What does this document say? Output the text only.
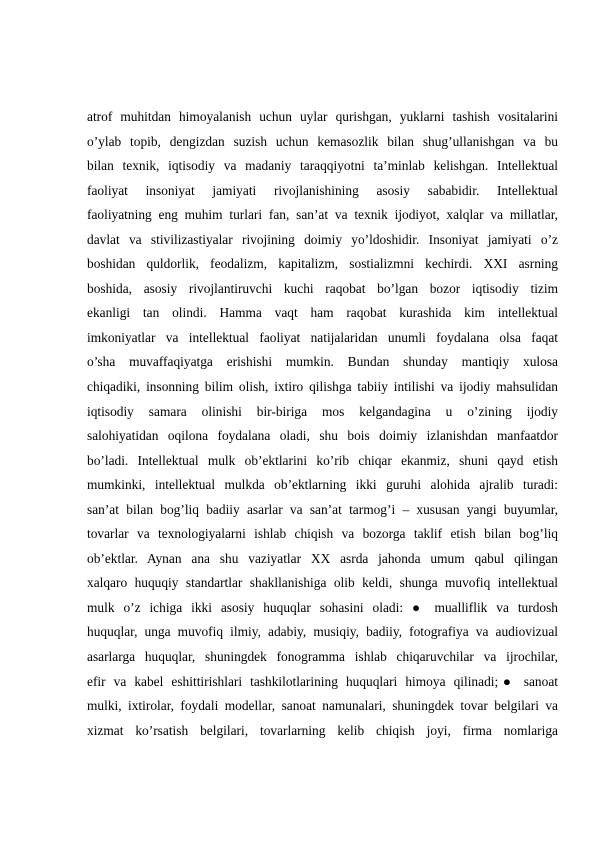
atrof muhitdan himoyalanish uchun uylar qurishgan, yuklarni tashish vositalarini
o’ylab topib, dengizdan suzish uchun kemasozlik bilan shug’ullanishgan va bu
bilan texnik, iqtisodiy va madaniy taraqqiyotni ta’minlab kelishgan. Intellektual
faoliyat insoniyat jamiyati rivojlanishining asosiy sababidir. Intellektual
faoliyatning eng muhim turlari fan, san’at va texnik ijodiyot, xalqlar va millatlar,
davlat va stivilizastiyalar rivojining doimiy yo’ldoshidir. Insoniyat jamiyati o’z
boshidan quldorlik, feodalizm, kapitalizm, sostializmni kechirdi. XXI asrning
boshida, asosiy rivojlantiruvchi kuchi raqobat bo’lgan bozor iqtisodiy tizim
ekanligi tan olindi. Hamma vaqt ham raqobat kurashida kim intellektual
imkoniyatlar va intellektual faoliyat natijalaridan unumli foydalana olsa faqat
o’sha muvaffaqiyatga erishishi mumkin. Bundan shunday mantiqiy xulosa
chiqadiki, insonning bilim olish, ixtiro qilishga tabiiy intilishi va ijodiy mahsulidan
iqtisodiy samara olinishi bir-biriga mos kelgandagina u o’zining ijodiy
salohiyatidan oqilona foydalana oladi, shu bois doimiy izlanishdan manfaatdor
bo’ladi. Intellektual mulk ob’ektlarini ko’rib chiqar ekanmiz, shuni qayd etish
mumkinki, intellektual mulkda ob’ektlarning ikki guruhi alohida ajralib turadi:
san’at bilan bog’liq badiiy asarlar va san’at tarmog’i – xususan yangi buyumlar,
tovarlar va texnologiyalarni ishlab chiqish va bozorga taklif etish bilan bog’liq
ob’ektlar. Aynan ana shu vaziyatlar XX asrda jahonda umum qabul qilingan
xalqaro huquqiy standartlar shakllanishiga olib keldi, shunga muvofiq intellektual
mulk o’z ichiga ikki asosiy huquqlar sohasini oladi: ● mualliflik va turdosh
huquqlar, unga muvofiq ilmiy, adabiy, musiqiy, badiiy, fotografiya va audiovizual
asarlarga huquqlar, shuningdek fonogramma ishlab chiqaruvchilar va ijrochilar,
efir va kabel eshittirishlari tashkilotlarining huquqlari himoya qilinadi;● sanoat
mulki, ixtirolar, foydali modellar, sanoat namunalari, shuningdek tovar belgilari va
xizmat ko’rsatish belgilari, tovarlarning kelib chiqish joyi, firma nomlariga
